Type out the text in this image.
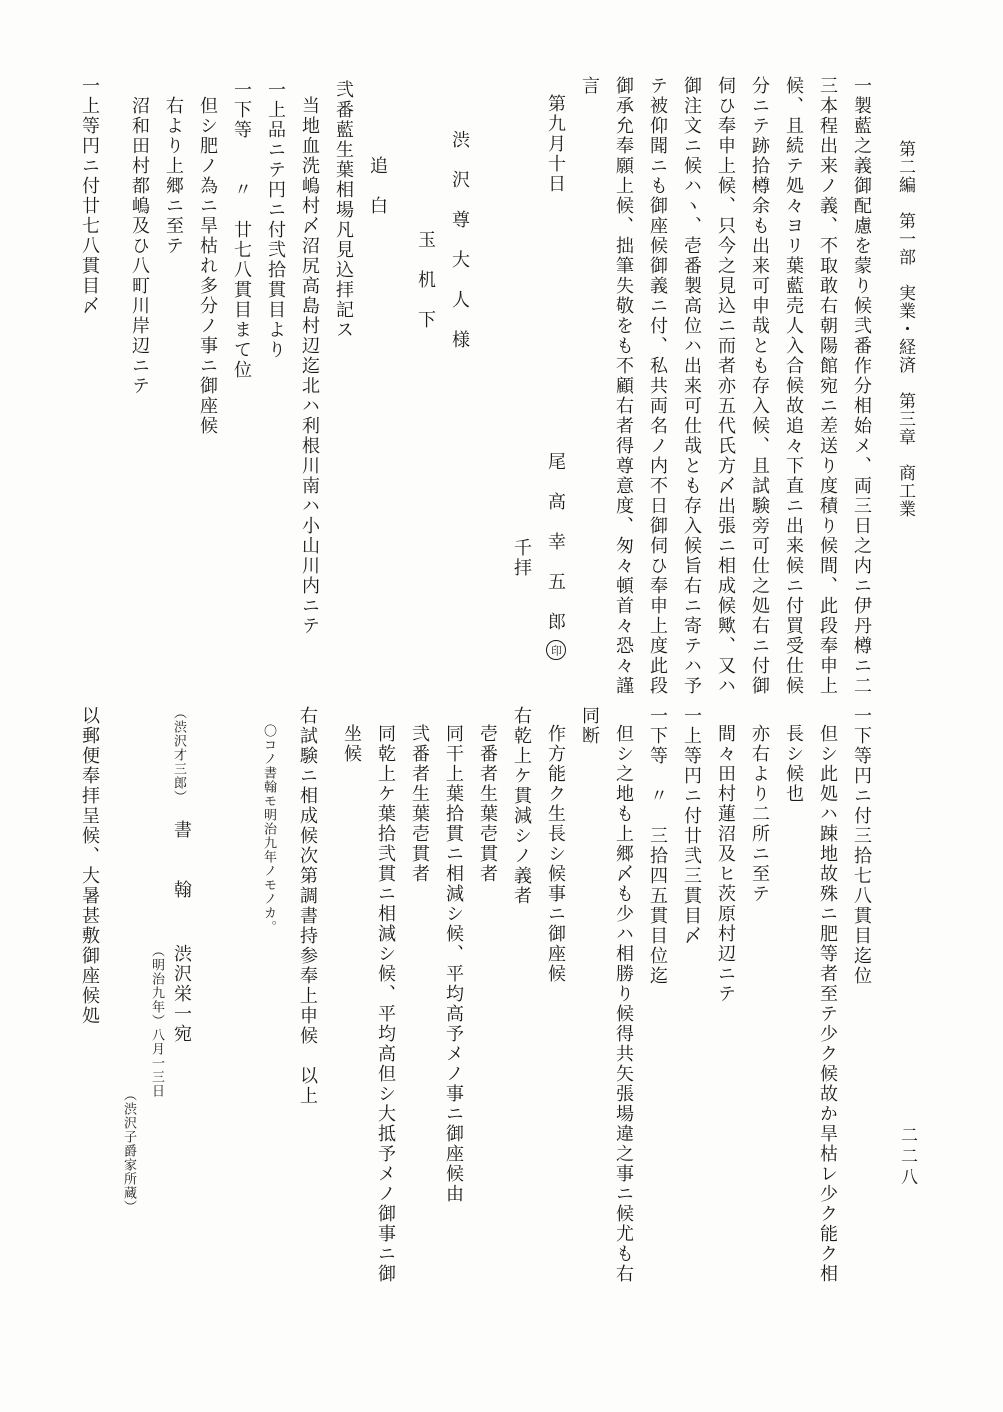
第二編　第一部　実業・経済　第三章　商工業
二二八
一製藍之義御配慮を蒙り候弐番作分相始メ、両三日之内ニ伊丹樽ニ二
三本程出来ノ義、不取敢右朝陽館宛ニ差送り度積り候間、此段奉申上
候、且続テ処々ヨリ葉藍売人入合候故追々下直ニ出来候ニ付買受仕候
分ニテ跡拾樽余も出来可申哉とも存入候、且試験旁可仕之処右ニ付御
伺ひ奉申上候、只今之見込ニ而者亦五代氏方〆出張ニ相成候歟、又ハ
御注文ニ候ハヽ、壱番製高位ハ出来可仕哉とも存入候旨右ニ寄テハ予
テ被仰聞ニも御座候御義ニ付、私共両名ノ内不日御伺ひ奉申上度此段
御承允奉願上候、拙筆失敬をも不顧右者得尊意度、匆々頓首々恐々謹
言
第九月十日
尾　高　幸　五　郎
印
千拝
渋　沢　尊　大　人　様
玉　机　下
追　白
弐番藍生葉相場凡見込拝記ス
当地血洗嶋村〆沼尻高島村辺迄北ハ利根川南ハ小山川内ニテ
一上品ニテ円ニ付弐拾貫目より
一下等　　〃　廿七八貫目まて位
但シ肥ノ為ニ旱枯れ多分ノ事ニ御座候
右より上郷ニ至テ
沼和田村都嶋及ひ八町川岸辺ニテ
一上等円ニ付廿七八貫目〆
一下等円ニ付三拾七八貫目迄位
但シ此処ハ踈地故殊ニ肥等者至テ少ク候故か旱枯レ少ク能ク相
長シ候也
亦右より二所ニ至テ
間々田村蓮沼及ヒ茨原村辺ニテ
一上等円ニ付廿弐三貫目〆
一下等　〃　三拾四五貫目位迄
但シ之地も上郷〆も少ハ相勝り候得共矢張場違之事ニ候尤も右
同断
作方能ク生長シ候事ニ御座候
右乾上ケ貫減シノ義者
壱番者生葉壱貫者
同干上葉拾貫ニ相減シ候、平均高予メノ事ニ御座候由
弐番者生葉壱貫者
同乾上ケ葉拾弐貫ニ相減シ候、平均高但シ大抵予メノ御事ニ御
坐候
右試験ニ相成候次第調書持参奉上申候　以上
〇コノ書翰モ明治九年ノモノカ。
（渋沢子爵家所蔵）
書　　翰
（渋沢才三郎）
渋沢栄一宛
（明治九年）八月一三日
以郵便奉拝呈候、大暑甚敷御座候処
